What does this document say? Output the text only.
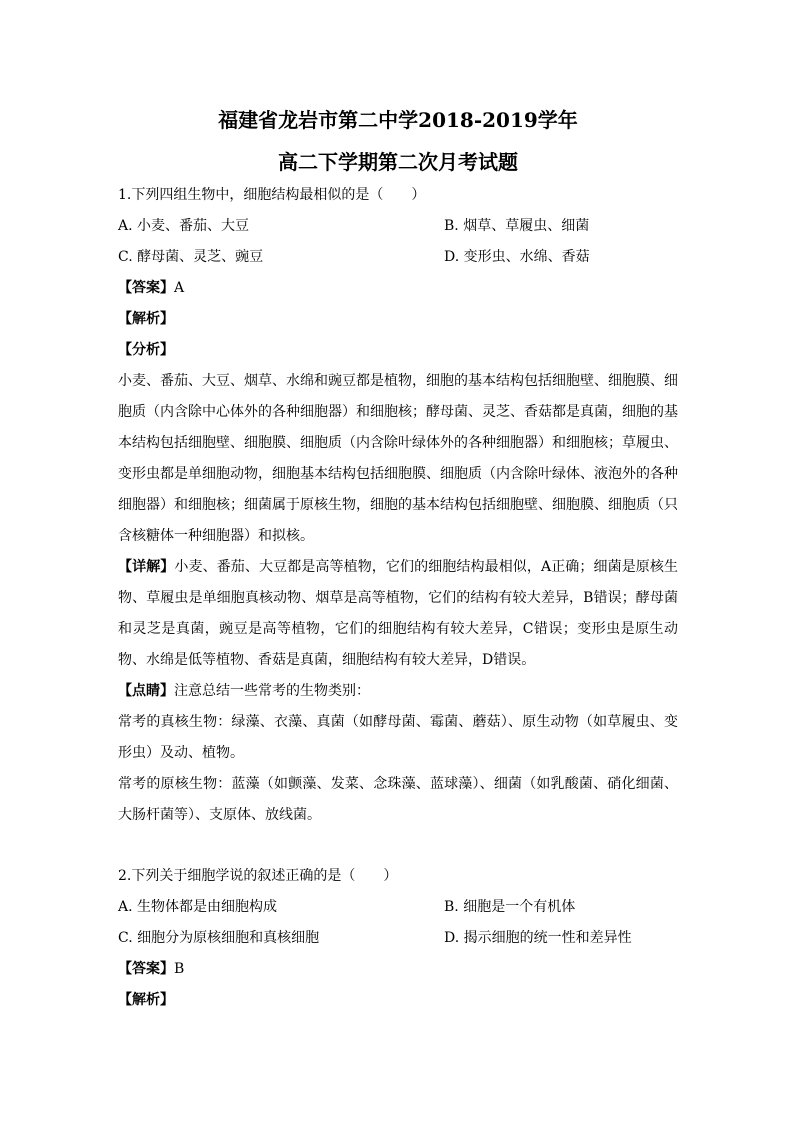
福建省龙岩市第二中学2018-2019学年

高二下学期第二次月考试题

1.下列四组生物中，细胞结构最相似的是（　　）

A. 小麦、番茄、大豆	B. 烟草、草履虫、细菌
C. 酵母菌、灵芝、豌豆	D. 变形虫、水绵、香菇

【答案】A

【解析】

【分析】

小麦、番茄、大豆、烟草、水绵和豌豆都是植物，细胞的基本结构包括细胞壁、细胞膜、细胞质（内含除中心体外的各种细胞器）和细胞核；酵母菌、灵芝、香菇都是真菌，细胞的基本结构包括细胞壁、细胞膜、细胞质（内含除叶绿体外的各种细胞器）和细胞核；草履虫、变形虫都是单细胞动物，细胞基本结构包括细胞膜、细胞质（内含除叶绿体、液泡外的各种细胞器）和细胞核；细菌属于原核生物，细胞的基本结构包括细胞壁、细胞膜、细胞质（只含核糖体一种细胞器）和拟核。

【详解】小麦、番茄、大豆都是高等植物，它们的细胞结构最相似，A正确；细菌是原核生物、草履虫是单细胞真核动物、烟草是高等植物，它们的结构有较大差异，B错误；酵母菌和灵芝是真菌，豌豆是高等植物，它们的细胞结构有较大差异，C错误；变形虫是原生动物、水绵是低等植物、香菇是真菌，细胞结构有较大差异，D错误。

【点睛】注意总结一些常考的生物类别：

常考的真核生物：绿藻、衣藻、真菌（如酵母菌、霉菌、蘑菇）、原生动物（如草履虫、变形虫）及动、植物。

常考的原核生物：蓝藻（如颤藻、发菜、念珠藻、蓝球藻）、细菌（如乳酸菌、硝化细菌、大肠杆菌等）、支原体、放线菌。

2.下列关于细胞学说的叙述正确的是（　　）

A. 生物体都是由细胞构成	B. 细胞是一个有机体
C. 细胞分为原核细胞和真核细胞	D. 揭示细胞的统一性和差异性

【答案】B

【解析】
